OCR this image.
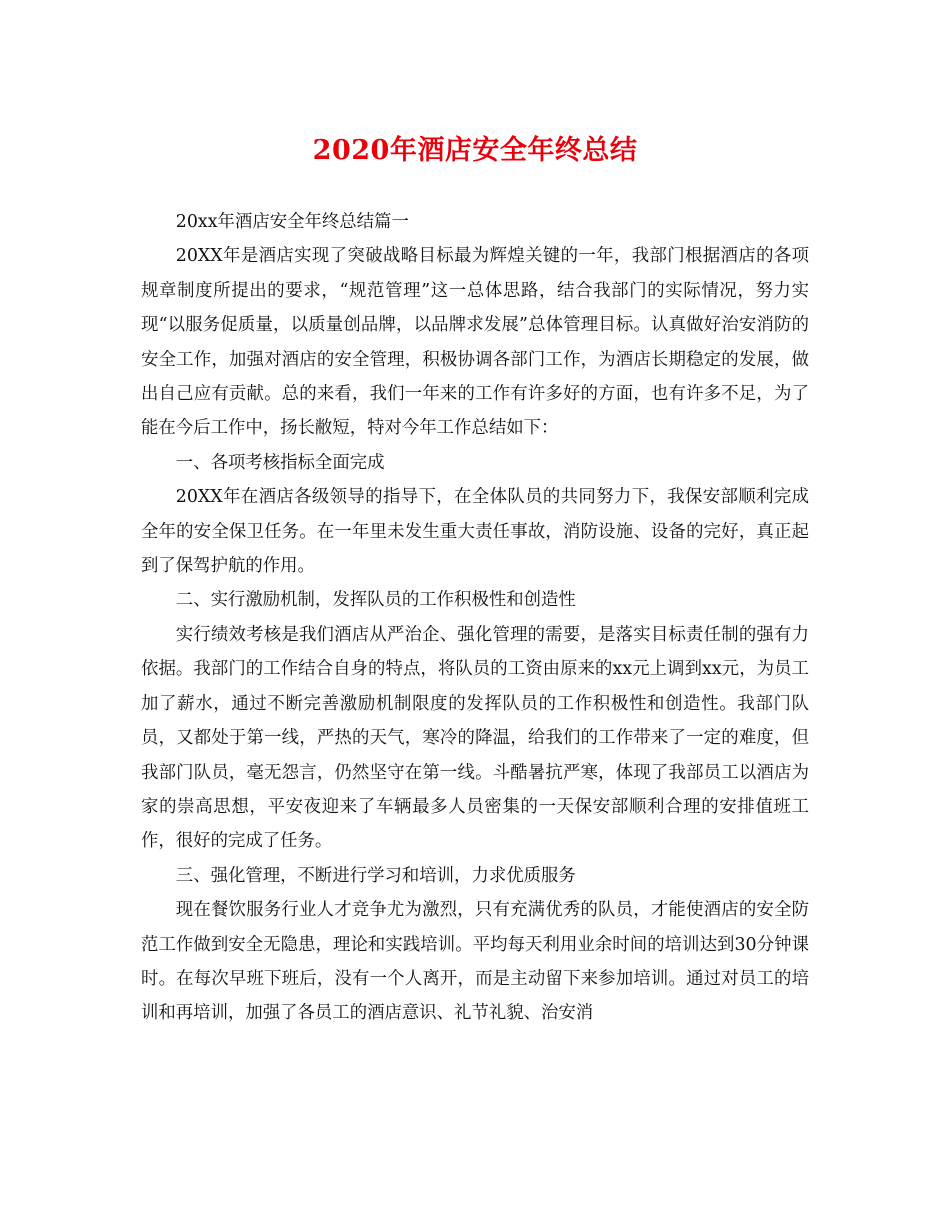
2020年酒店安全年终总结

20xx年酒店安全年终总结篇一

20XX年是酒店实现了突破战略目标最为辉煌关键的一年，我部门根据酒店的各项规章制度所提出的要求，“规范管理”这一总体思路，结合我部门的实际情况，努力实现“以服务促质量，以质量创品牌，以品牌求发展”总体管理目标。认真做好治安消防的安全工作，加强对酒店的安全管理，积极协调各部门工作，为酒店长期稳定的发展，做出自己应有贡献。总的来看，我们一年来的工作有许多好的方面，也有许多不足，为了能在今后工作中，扬长敝短，特对今年工作总结如下：

一、各项考核指标全面完成

20XX年在酒店各级领导的指导下，在全体队员的共同努力下，我保安部顺利完成全年的安全保卫任务。在一年里未发生重大责任事故，消防设施、设备的完好，真正起到了保驾护航的作用。

二、实行激励机制，发挥队员的工作积极性和创造性

实行绩效考核是我们酒店从严治企、强化管理的需要，是落实目标责任制的强有力依据。我部门的工作结合自身的特点，将队员的工资由原来的xx元上调到xx元，为员工加了薪水，通过不断完善激励机制限度的发挥队员的工作积极性和创造性。我部门队员，又都处于第一线，严热的天气，寒冷的降温，给我们的工作带来了一定的难度，但我部门队员，毫无怨言，仍然坚守在第一线。斗酷暑抗严寒，体现了我部员工以酒店为家的崇高思想，平安夜迎来了车辆最多人员密集的一天保安部顺利合理的安排值班工作，很好的完成了任务。

三、强化管理，不断进行学习和培训，力求优质服务

现在餐饮服务行业人才竞争尤为激烈，只有充满优秀的队员，才能使酒店的安全防范工作做到安全无隐患，理论和实践培训。平均每天利用业余时间的培训达到30分钟课时。在每次早班下班后，没有一个人离开，而是主动留下来参加培训。通过对员工的培训和再培训，加强了各员工的酒店意识、礼节礼貌、治安消
